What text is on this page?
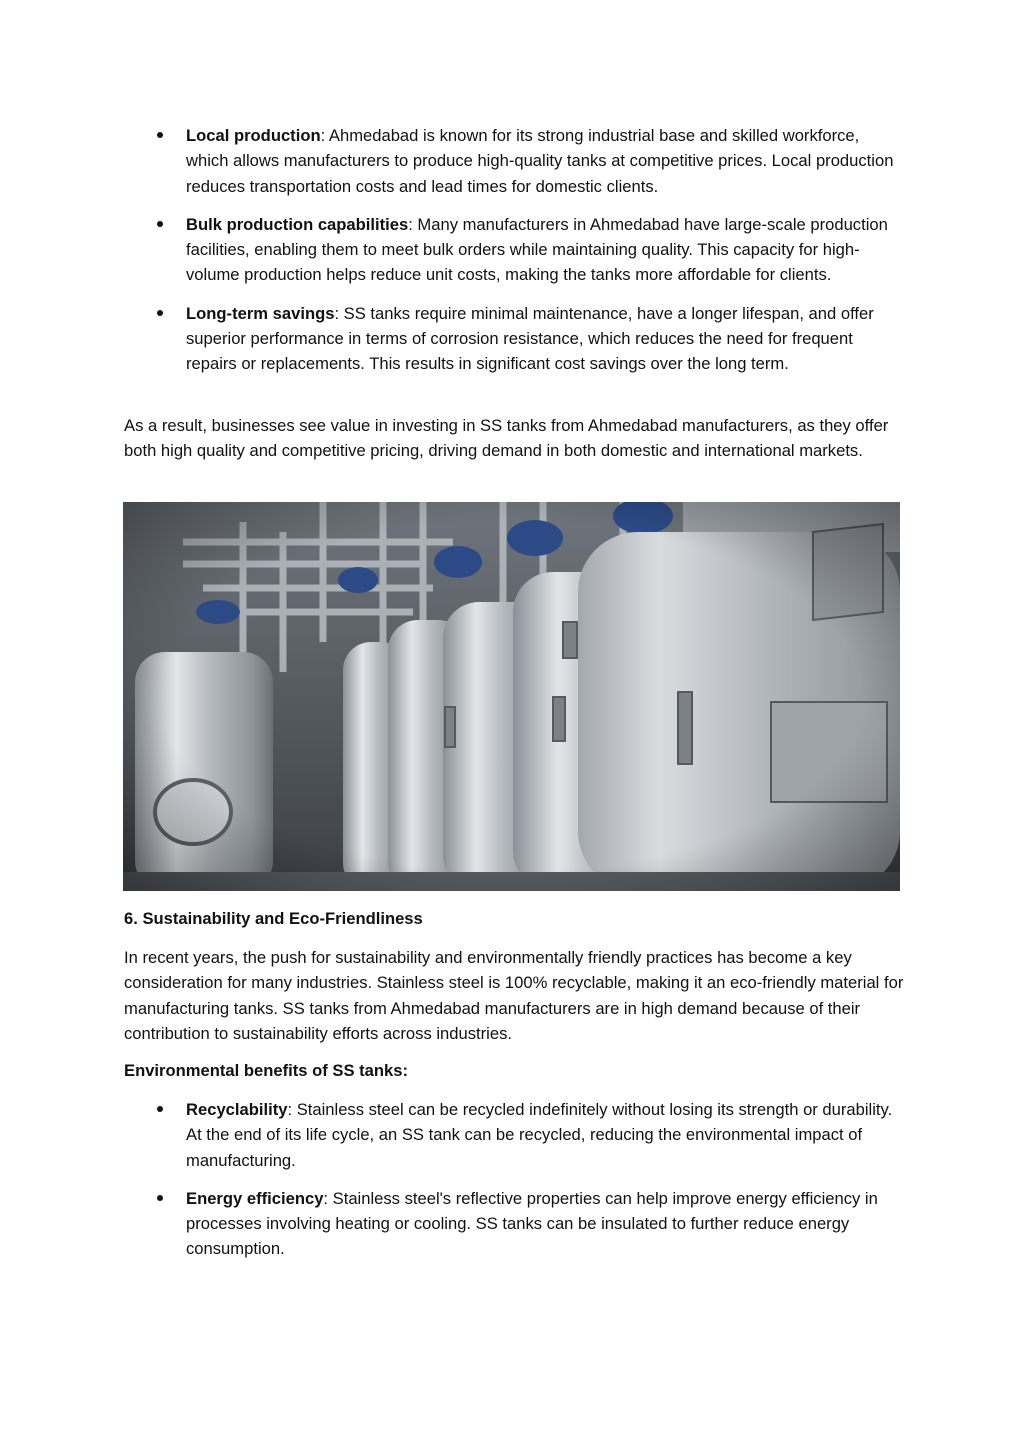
Local production: Ahmedabad is known for its strong industrial base and skilled workforce, which allows manufacturers to produce high-quality tanks at competitive prices. Local production reduces transportation costs and lead times for domestic clients.
Bulk production capabilities: Many manufacturers in Ahmedabad have large-scale production facilities, enabling them to meet bulk orders while maintaining quality. This capacity for high-volume production helps reduce unit costs, making the tanks more affordable for clients.
Long-term savings: SS tanks require minimal maintenance, have a longer lifespan, and offer superior performance in terms of corrosion resistance, which reduces the need for frequent repairs or replacements. This results in significant cost savings over the long term.

As a result, businesses see value in investing in SS tanks from Ahmedabad manufacturers, as they offer both high quality and competitive pricing, driving demand in both domestic and international markets.

6. Sustainability and Eco-Friendliness

In recent years, the push for sustainability and environmentally friendly practices has become a key consideration for many industries. Stainless steel is 100% recyclable, making it an eco-friendly material for manufacturing tanks. SS tanks from Ahmedabad manufacturers are in high demand because of their contribution to sustainability efforts across industries.

Environmental benefits of SS tanks:

Recyclability: Stainless steel can be recycled indefinitely without losing its strength or durability. At the end of its life cycle, an SS tank can be recycled, reducing the environmental impact of manufacturing.
Energy efficiency: Stainless steel's reflective properties can help improve energy efficiency in processes involving heating or cooling. SS tanks can be insulated to further reduce energy consumption.
